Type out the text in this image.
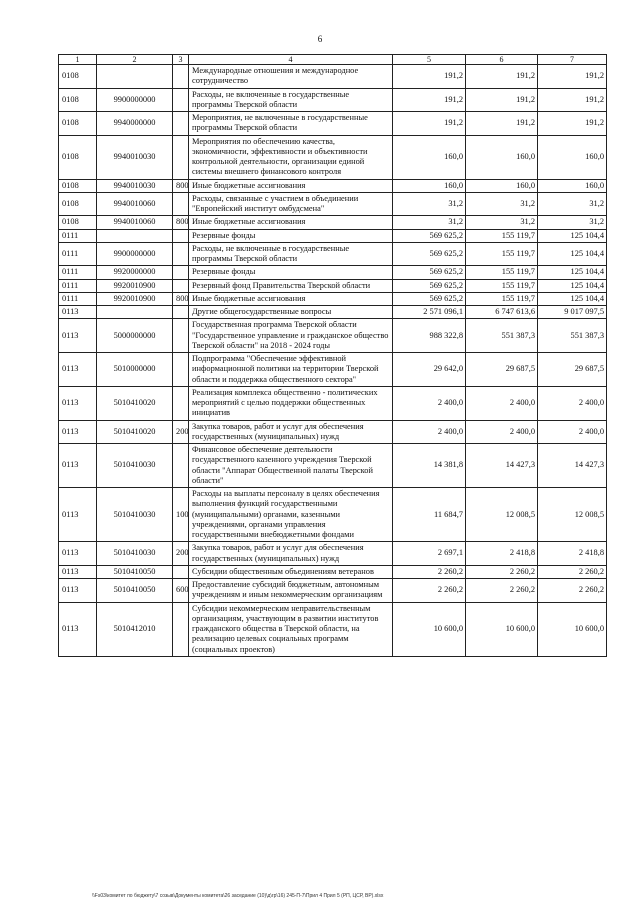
6
1	2	3	4	5	6	7
0108			Международные отношения и международное сотрудничество	191,2	191,2	191,2
0108	9900000000		Расходы, не включенные в государственные программы Тверской области	191,2	191,2	191,2
0108	9940000000		Мероприятия, не включенные в государственные программы Тверской области	191,2	191,2	191,2
0108	9940010030		Мероприятия по обеспечению качества, экономичности, эффективности и объективности контрольной деятельности, организации единой системы внешнего финансового контроля	160,0	160,0	160,0
0108	9940010030	800	Иные бюджетные ассигнования	160,0	160,0	160,0
0108	9940010060		Расходы, связанные с участием в объединении "Европейский институт омбудсмена"	31,2	31,2	31,2
0108	9940010060	800	Иные бюджетные ассигнования	31,2	31,2	31,2
0111			Резервные фонды	569 625,2	155 119,7	125 104,4
0111	9900000000		Расходы, не включенные в государственные программы Тверской области	569 625,2	155 119,7	125 104,4
0111	9920000000		Резервные фонды	569 625,2	155 119,7	125 104,4
0111	9920010900		Резервный фонд Правительства Тверской области	569 625,2	155 119,7	125 104,4
0111	9920010900	800	Иные бюджетные ассигнования	569 625,2	155 119,7	125 104,4
0113			Другие общегосударственные вопросы	2 571 096,1	6 747 613,6	9 017 097,5
0113	5000000000		Государственная программа Тверской области "Государственное управление и гражданское общество Тверской области" на 2018 - 2024 годы	988 322,8	551 387,3	551 387,3
0113	5010000000		Подпрограмма "Обеспечение эффективной информационной политики на территории Тверской области и поддержка общественного сектора"	29 642,0	29 687,5	29 687,5
0113	5010410020		Реализация комплекса общественно - политических мероприятий с целью поддержки общественных инициатив	2 400,0	2 400,0	2 400,0
0113	5010410020	200	Закупка товаров, работ и услуг для обеспечения государственных (муниципальных) нужд	2 400,0	2 400,0	2 400,0
0113	5010410030		Финансовое обеспечение деятельности государственного казенного учреждения Тверской области "Аппарат Общественной палаты Тверской области"	14 381,8	14 427,3	14 427,3
0113	5010410030	100	Расходы на выплаты персоналу в целях обеспечения выполнения функций государственными (муниципальными) органами, казенными учреждениями, органами управления государственными внебюджетными фондами	11 684,7	12 008,5	12 008,5
0113	5010410030	200	Закупка товаров, работ и услуг для обеспечения государственных (муниципальных) нужд	2 697,1	2 418,8	2 418,8
0113	5010410050		Субсидии общественным объединениям ветеранов	2 260,2	2 260,2	2 260,2
0113	5010410050	600	Предоставление субсидий бюджетным, автономным учреждениям и иным некоммерческим организациям	2 260,2	2 260,2	2 260,2
0113	5010412010		Субсидии некоммерческим неправительственным организациям, участвующим в развитии институтов гражданского общества в Тверской области, на реализацию целевых социальных программ (социальных проектов)	10 600,0	10 600,0	10 600,0
\\Fs03\комитет по бюджету\7 созыв\Документы комитета\26 заседание (10)\д\гр\16) 245-П-7\Прил 4 Прил 5 (РП, ЦСР, ВР).xlsx
